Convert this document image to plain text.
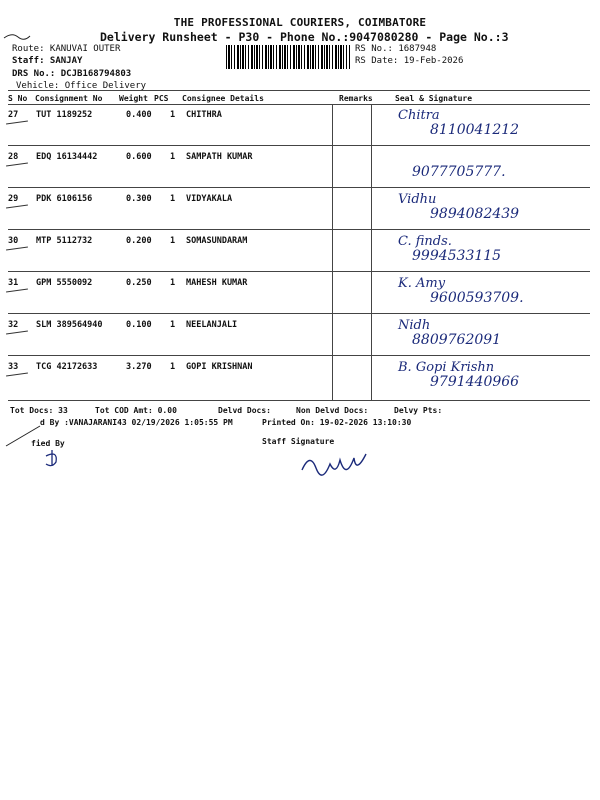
THE PROFESSIONAL COURIERS, COIMBATORE
Delivery Runsheet - P30 - Phone No.:9047080280 - Page No.:3
Route: KANUVAI OUTER
Staff: SANJAY
DRS No.: DCJB168794803
Vehicle: Office Delivery
RS No.: 1687948
RS Date: 19-Feb-2026
S No Consignment No Weight PCS Consignee Details	Remarks	Seal & Signature
27 TUT 1189252	0.400 1 CHITHRA	Chitra
8110041212
28 EDQ 16134442	0.600 1 SAMPATH KUMAR
9077705777.
29 PDK 6106156	0.300 1 VIDYAKALA	Vidhu
9894082439
30 MTP 5112732	0.200 1 SOMASUNDARAM	C. finds.
9994533115
31 GPM 5550092	0.250 1 MAHESH KUMAR	K. Amy
9600593709.
32 SLM 389564940	0.100 1 NEELANJALI	Nidh
8809762091
33 TCG 42172633	3.270 1 GOPI KRISHNAN	B. Gopi Krishn
9791440966
Tot Docs: 33	Tot COD Amt: 0.00	Delvd Docs:	Non Delvd Docs:	Delvy Pts:
d By :VANAJARANI43 02/19/2026 1:05:55 PM	Printed On: 19-02-2026 13:10:30
fied By	Staff Signature
